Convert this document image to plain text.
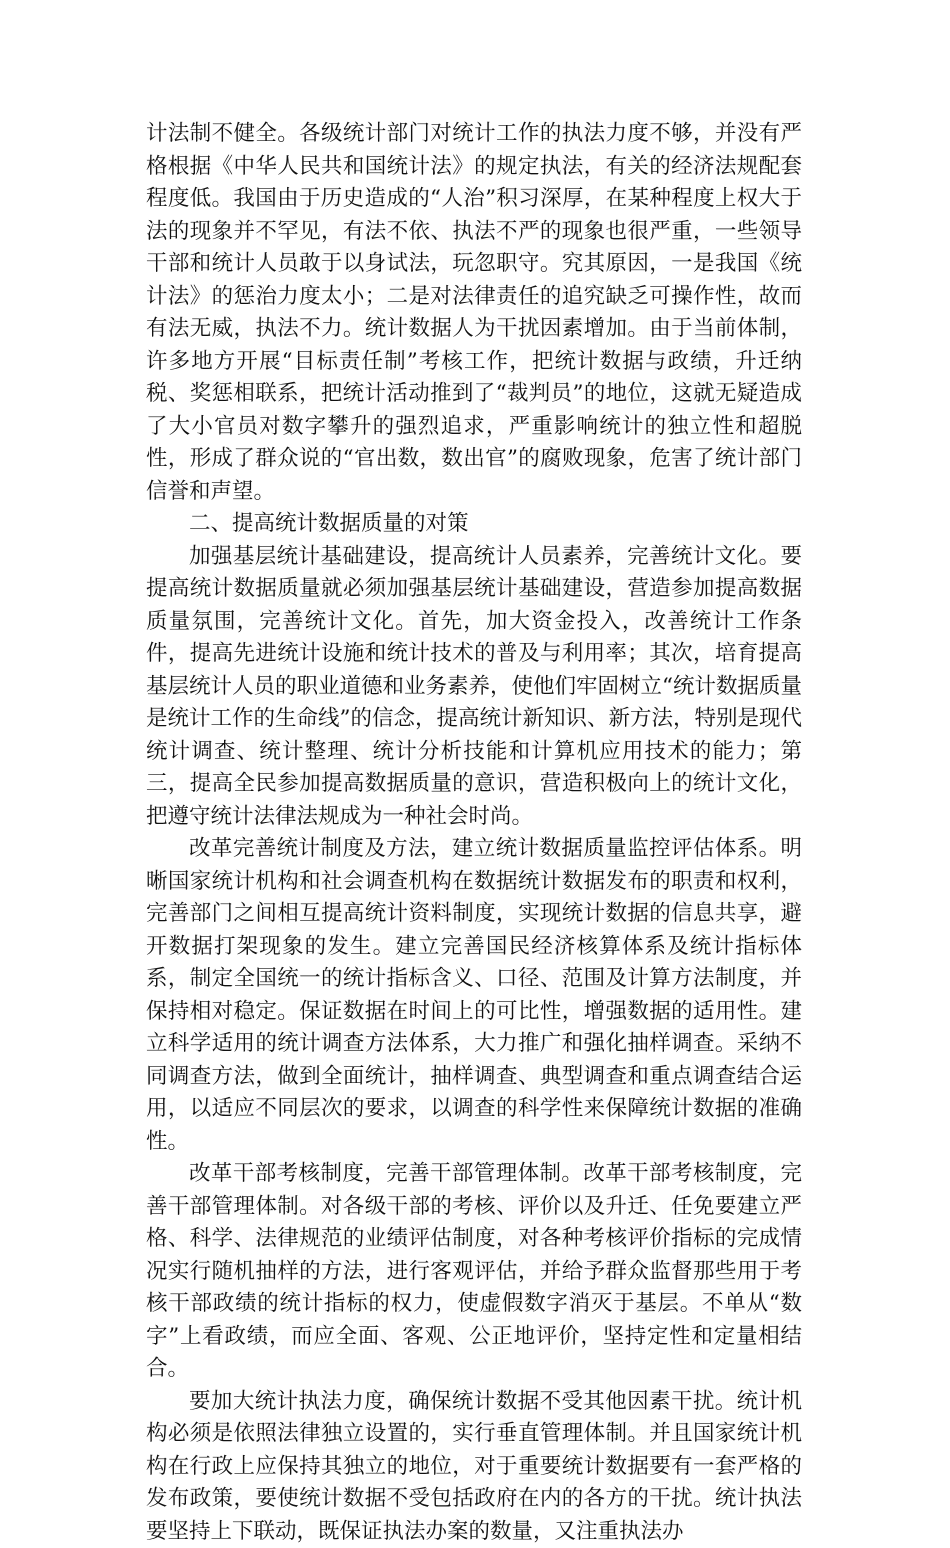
计法制不健全。各级统计部门对统计工作的执法力度不够，并没有严格根据《中华人民共和国统计法》的规定执法，有关的经济法规配套程度低。我国由于历史造成的“人治”积习深厚，在某种程度上权大于法的现象并不罕见，有法不依、执法不严的现象也很严重，一些领导干部和统计人员敢于以身试法，玩忽职守。究其原因，一是我国《统计法》的惩治力度太小；二是对法律责任的追究缺乏可操作性，故而有法无威，执法不力。统计数据人为干扰因素增加。由于当前体制，许多地方开展“目标责任制”考核工作，把统计数据与政绩，升迁纳税、奖惩相联系，把统计活动推到了“裁判员”的地位，这就无疑造成了大小官员对数字攀升的强烈追求，严重影响统计的独立性和超脱性，形成了群众说的“官出数，数出官”的腐败现象，危害了统计部门信誉和声望。

二、提高统计数据质量的对策

加强基层统计基础建设，提高统计人员素养，完善统计文化。要提高统计数据质量就必须加强基层统计基础建设，营造参加提高数据质量氛围，完善统计文化。首先，加大资金投入，改善统计工作条件，提高先进统计设施和统计技术的普及与利用率；其次，培育提高基层统计人员的职业道德和业务素养，使他们牢固树立“统计数据质量是统计工作的生命线”的信念，提高统计新知识、新方法，特别是现代统计调查、统计整理、统计分析技能和计算机应用技术的能力；第三，提高全民参加提高数据质量的意识，营造积极向上的统计文化，把遵守统计法律法规成为一种社会时尚。

改革完善统计制度及方法，建立统计数据质量监控评估体系。明晰国家统计机构和社会调查机构在数据统计数据发布的职责和权利，完善部门之间相互提高统计资料制度，实现统计数据的信息共享，避开数据打架现象的发生。建立完善国民经济核算体系及统计指标体系，制定全国统一的统计指标含义、口径、范围及计算方法制度，并保持相对稳定。保证数据在时间上的可比性，增强数据的适用性。建立科学适用的统计调查方法体系，大力推广和强化抽样调查。采纳不同调查方法，做到全面统计，抽样调查、典型调查和重点调查结合运用，以适应不同层次的要求，以调查的科学性来保障统计数据的准确性。

改革干部考核制度，完善干部管理体制。改革干部考核制度，完善干部管理体制。对各级干部的考核、评价以及升迁、任免要建立严格、科学、法律规范的业绩评估制度，对各种考核评价指标的完成情况实行随机抽样的方法，进行客观评估，并给予群众监督那些用于考核干部政绩的统计指标的权力，使虚假数字消灭于基层。不单从“数字”上看政绩，而应全面、客观、公正地评价，坚持定性和定量相结合。

要加大统计执法力度，确保统计数据不受其他因素干扰。统计机构必须是依照法律独立设置的，实行垂直管理体制。并且国家统计机构在行政上应保持其独立的地位，对于重要统计数据要有一套严格的发布政策，要使统计数据不受包括政府在内的各方的干扰。统计执法要坚持上下联动，既保证执法办案的数量，又注重执法办
